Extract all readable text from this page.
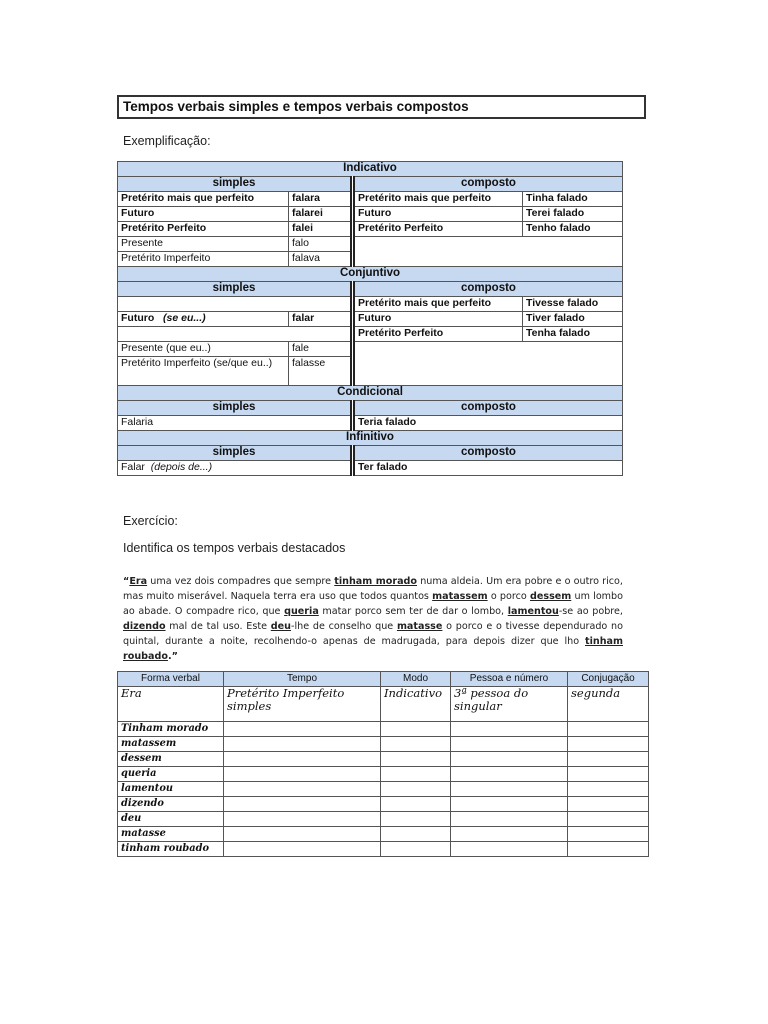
Tempos verbais simples e tempos verbais compostos
Exemplificação:
Indicativo			
simples		composto	
Pretérito mais que perfeito	falara	Pretérito mais que perfeito	Tinha falado
Futuro	falarei	Futuro	Terei falado
Pretérito Perfeito	falei	Pretérito Perfeito	Tenho falado
Presente	falo		
Pretérito Imperfeito	falava		
Conjuntivo			
simples		composto	
		Pretérito mais que perfeito	Tivesse falado
Futuro (se eu...)	falar	Futuro	Tiver falado
		Pretérito Perfeito	Tenha falado
Presente (que eu..)	fale		
Pretérito Imperfeito (se/que eu..)	falasse		
Condicional			
simples		composto	
Falaria		Teria falado	
Infinitivo			
simples		composto	
Falar (depois de...)		Ter falado	
Exercício:
Identifica os tempos verbais destacados
“Era uma vez dois compadres que sempre tinham morado numa aldeia. Um era pobre e o outro rico, mas muito miserável. Naquela terra era uso que todos quantos matassem o porco dessem um lombo ao abade. O compadre rico, que queria matar porco sem ter de dar o lombo, lamentou-se ao pobre, dizendo mal de tal uso. Este deu-lhe de conselho que matasse o porco e o tivesse dependurado no quintal, durante a noite, recolhendo-o apenas de madrugada, para depois dizer que lho tinham roubado.”
Forma verbal	Tempo	Modo	Pessoa e número	Conjugação
Era	Pretérito Imperfeito simples	Indicativo	3ª pessoa do singular	segunda
Tinham morado				
matassem				
dessem				
queria				
lamentou				
dizendo				
deu				
matasse				
tinham roubado				
